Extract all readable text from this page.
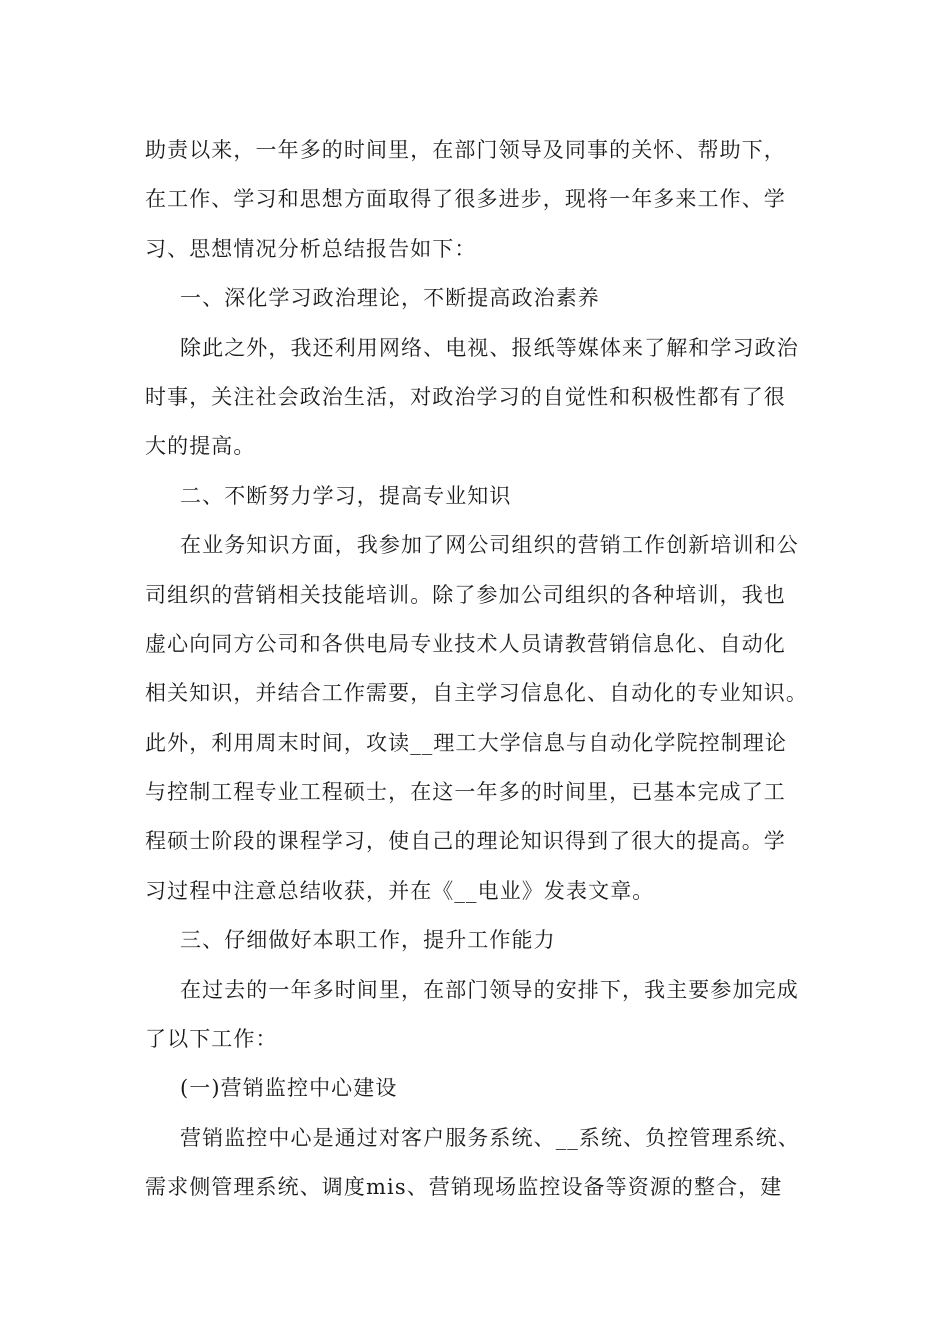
助责以来，一年多的时间里，在部门领导及同事的关怀、帮助下，
在工作、学习和思想方面取得了很多进步，现将一年多来工作、学
习、思想情况分析总结报告如下：
一、深化学习政治理论，不断提高政治素养
除此之外，我还利用网络、电视、报纸等媒体来了解和学习政治
时事，关注社会政治生活，对政治学习的自觉性和积极性都有了很
大的提高。
二、不断努力学习，提高专业知识
在业务知识方面，我参加了网公司组织的营销工作创新培训和公
司组织的营销相关技能培训。除了参加公司组织的各种培训，我也
虚心向同方公司和各供电局专业技术人员请教营销信息化、自动化
相关知识，并结合工作需要，自主学习信息化、自动化的专业知识。
此外，利用周末时间，攻读__理工大学信息与自动化学院控制理论
与控制工程专业工程硕士，在这一年多的时间里，已基本完成了工
程硕士阶段的课程学习，使自己的理论知识得到了很大的提高。学
习过程中注意总结收获，并在《__电业》发表文章。
三、仔细做好本职工作，提升工作能力
在过去的一年多时间里，在部门领导的安排下，我主要参加完成
了以下工作：
(一)营销监控中心建设
营销监控中心是通过对客户服务系统、__系统、负控管理系统、
需求侧管理系统、调度mis、营销现场监控设备等资源的整合，建
